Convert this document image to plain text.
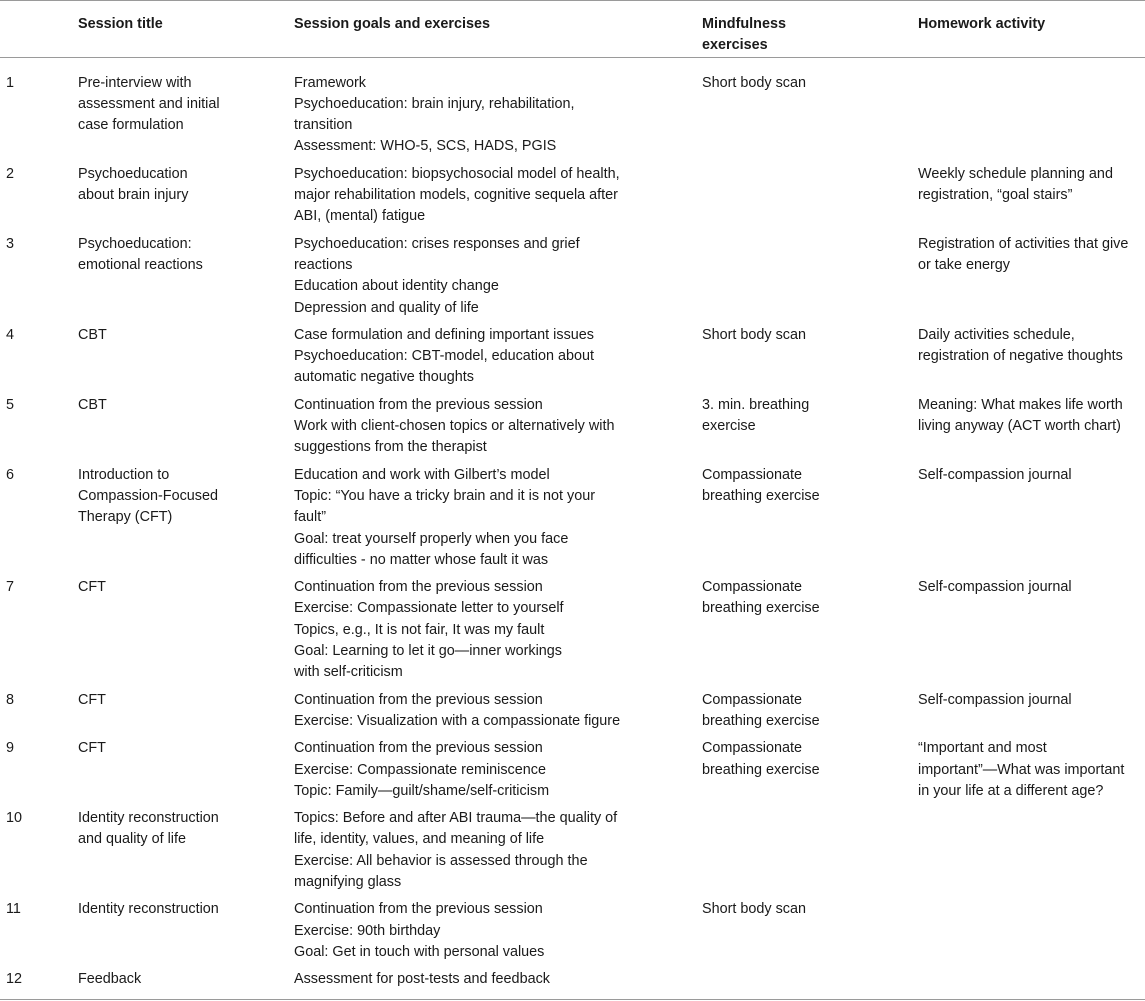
	Session title	Session goals and exercises	Mindfulness
exercises	Homework activity
1	Pre-interview with
assessment and initial
case formulation	Framework
Psychoeducation: brain injury, rehabilitation,
transition
Assessment: WHO-5, SCS, HADS, PGIS	Short body scan	

2	Psychoeducation
about brain injury	Psychoeducation: biopsychosocial model of health,
major rehabilitation models, cognitive sequela after
ABI, (mental) fatigue		Weekly schedule planning and
registration, “goal stairs”

3	Psychoeducation:
emotional reactions	Psychoeducation: crises responses and grief
reactions
Education about identity change
Depression and quality of life		Registration of activities that give
or take energy

4	CBT	Case formulation and defining important issues
Psychoeducation: CBT-model, education about
automatic negative thoughts	Short body scan	Daily activities schedule,
registration of negative thoughts

5	CBT	Continuation from the previous session
Work with client-chosen topics or alternatively with
suggestions from the therapist	3. min. breathing
exercise	Meaning: What makes life worth
living anyway (ACT worth chart)

6	Introduction to
Compassion-Focused
Therapy (CFT)	Education and work with Gilbert’s model
Topic: “You have a tricky brain and it is not your
fault”
Goal: treat yourself properly when you face
difficulties - no matter whose fault it was	Compassionate
breathing exercise	Self-compassion journal

7	CFT	Continuation from the previous session
Exercise: Compassionate letter to yourself
Topics, e.g., It is not fair, It was my fault
Goal: Learning to let it go—inner workings
with self-criticism	Compassionate
breathing exercise	Self-compassion journal

8	CFT	Continuation from the previous session
Exercise: Visualization with a compassionate figure	Compassionate
breathing exercise	Self-compassion journal

9	CFT	Continuation from the previous session
Exercise: Compassionate reminiscence
Topic: Family—guilt/shame/self-criticism	Compassionate
breathing exercise	“Important and most
important”—What was important
in your life at a different age?

10	Identity reconstruction
and quality of life	Topics: Before and after ABI trauma—the quality of
life, identity, values, and meaning of life
Exercise: All behavior is assessed through the
magnifying glass		

11	Identity reconstruction	Continuation from the previous session
Exercise: 90th birthday
Goal: Get in touch with personal values	Short body scan	

12	Feedback	Assessment for post-tests and feedback		
